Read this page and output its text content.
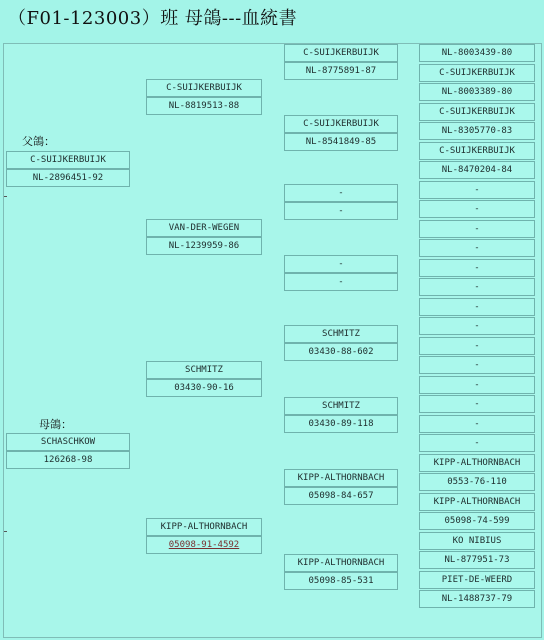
（F01-123003）班 母鴿---血統書
父鴿：
C-SUIJKERBUIJK
NL-2896451-92
母鴿：
SCHASCHKOW
126268-98
C-SUIJKERBUIJK
NL-8819513-88
VAN-DER-WEGEN
NL-1239959-86
SCHMITZ
03430-90-16
KIPP-ALTHORNBACH
05098-91-4592
C-SUIJKERBUIJK
NL-8775891-87
C-SUIJKERBUIJK
NL-8541849-85
-
-
-
-
SCHMITZ
03430-88-602
SCHMITZ
03430-89-118
KIPP-ALTHORNBACH
05098-84-657
KIPP-ALTHORNBACH
05098-85-531
NL-8003439-80
C-SUIJKERBUIJK
NL-8003389-80
C-SUIJKERBUIJK
NL-8305770-83
C-SUIJKERBUIJK
NL-8470204-84
-
-
-
-
-
-
-
-
-
-
-
-
-
-
KIPP-ALTHORNBACH
0553-76-110
KIPP-ALTHORNBACH
05098-74-599
KO NIBIUS
NL-877951-73
PIET-DE-WEERD
NL-1488737-79
